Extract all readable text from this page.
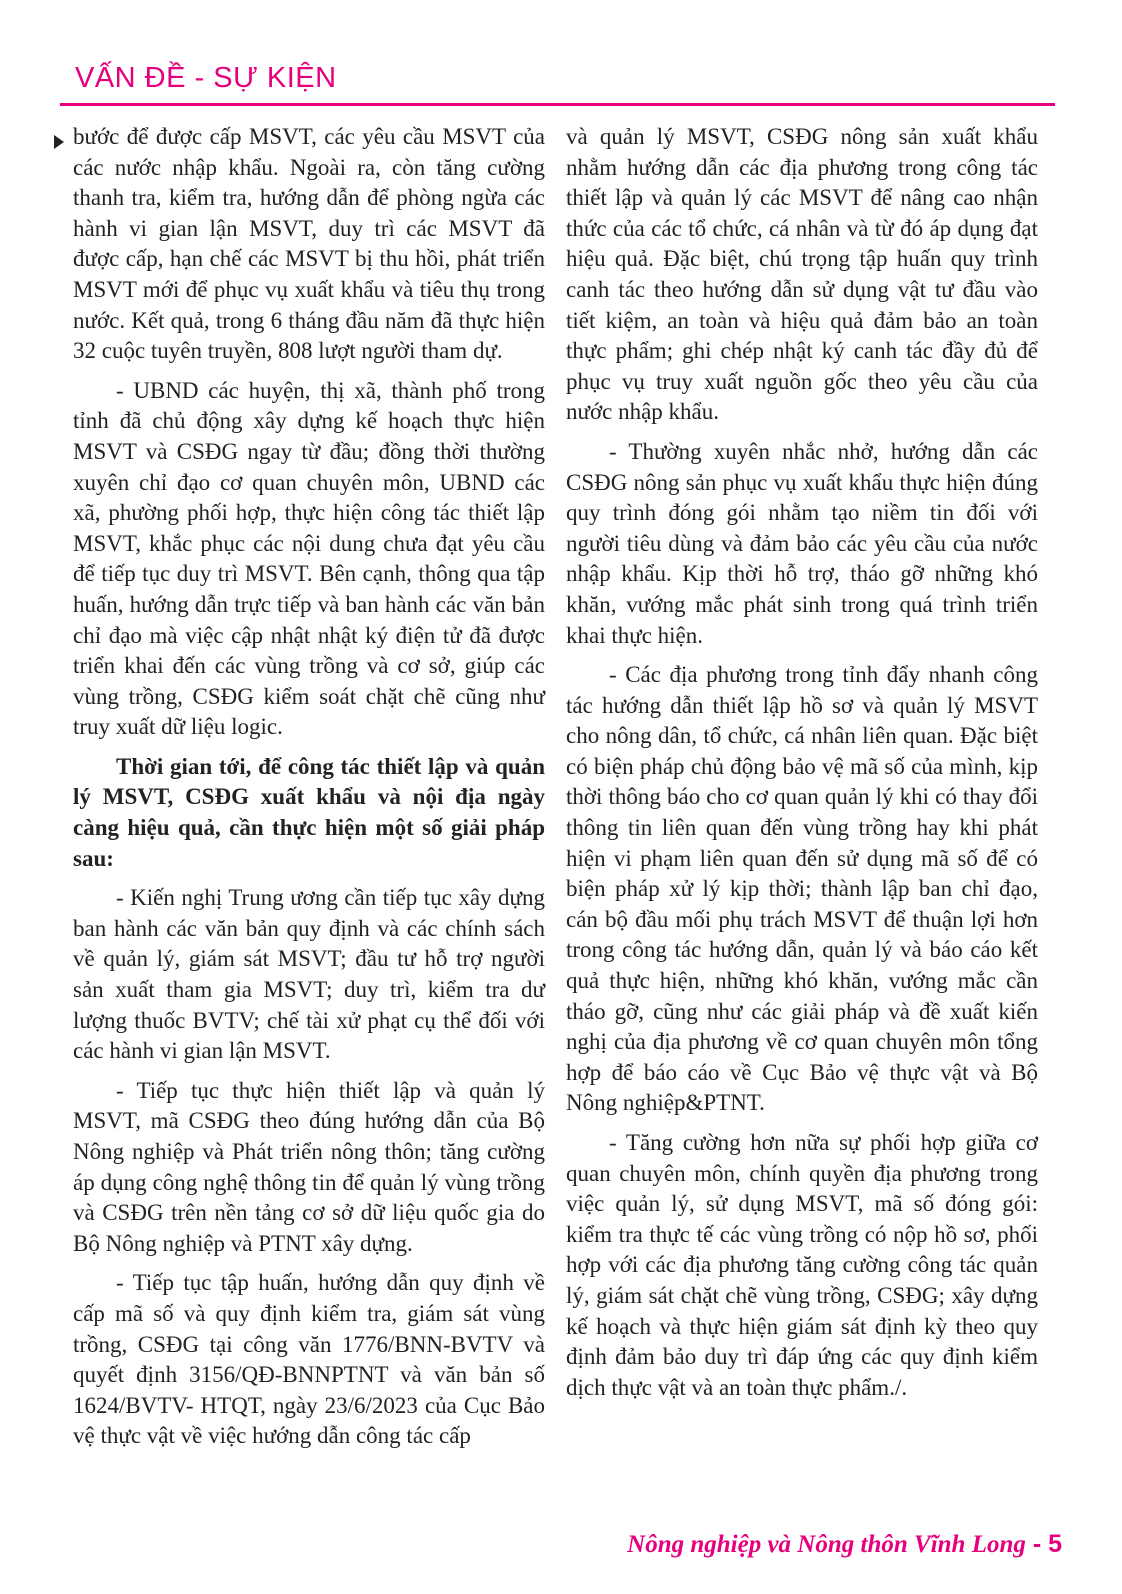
VẤN ĐỀ - SỰ KIỆN

bước để được cấp MSVT, các yêu cầu MSVT của các nước nhập khẩu. Ngoài ra, còn tăng cường thanh tra, kiểm tra, hướng dẫn để phòng ngừa các hành vi gian lận MSVT, duy trì các MSVT đã được cấp, hạn chế các MSVT bị thu hồi, phát triển MSVT mới để phục vụ xuất khẩu và tiêu thụ trong nước. Kết quả, trong 6 tháng đầu năm đã thực hiện 32 cuộc tuyên truyền, 808 lượt người tham dự.

- UBND các huyện, thị xã, thành phố trong tỉnh đã chủ động xây dựng kế hoạch thực hiện MSVT và CSĐG ngay từ đầu; đồng thời thường xuyên chỉ đạo cơ quan chuyên môn, UBND các xã, phường phối hợp, thực hiện công tác thiết lập MSVT, khắc phục các nội dung chưa đạt yêu cầu để tiếp tục duy trì MSVT. Bên cạnh, thông qua tập huấn, hướng dẫn trực tiếp và ban hành các văn bản chỉ đạo mà việc cập nhật nhật ký điện tử đã được triển khai đến các vùng trồng và cơ sở, giúp các vùng trồng, CSĐG kiểm soát chặt chẽ cũng như truy xuất dữ liệu logic.

Thời gian tới, để công tác thiết lập và quản lý MSVT, CSĐG xuất khẩu và nội địa ngày càng hiệu quả, cần thực hiện một số giải pháp sau:

- Kiến nghị Trung ương cần tiếp tục xây dựng ban hành các văn bản quy định và các chính sách về quản lý, giám sát MSVT; đầu tư hỗ trợ người sản xuất tham gia MSVT; duy trì, kiểm tra dư lượng thuốc BVTV; chế tài xử phạt cụ thể đối với các hành vi gian lận MSVT.

- Tiếp tục thực hiện thiết lập và quản lý MSVT, mã CSĐG theo đúng hướng dẫn của Bộ Nông nghiệp và Phát triển nông thôn; tăng cường áp dụng công nghệ thông tin để quản lý vùng trồng và CSĐG trên nền tảng cơ sở dữ liệu quốc gia do Bộ Nông nghiệp và PTNT xây dựng.

- Tiếp tục tập huấn, hướng dẫn quy định về cấp mã số và quy định kiểm tra, giám sát vùng trồng, CSĐG tại công văn 1776/BNN-BVTV và quyết định 3156/QĐ-BNNPTNT và văn bản số 1624/BVTV- HTQT, ngày 23/6/2023 của Cục Bảo vệ thực vật về việc hướng dẫn công tác cấp

và quản lý MSVT, CSĐG nông sản xuất khẩu nhằm hướng dẫn các địa phương trong công tác thiết lập và quản lý các MSVT để nâng cao nhận thức của các tổ chức, cá nhân và từ đó áp dụng đạt hiệu quả. Đặc biệt, chú trọng tập huấn quy trình canh tác theo hướng dẫn sử dụng vật tư đầu vào tiết kiệm, an toàn và hiệu quả đảm bảo an toàn thực phẩm; ghi chép nhật ký canh tác đầy đủ để phục vụ truy xuất nguồn gốc theo yêu cầu của nước nhập khẩu.

- Thường xuyên nhắc nhở, hướng dẫn các CSĐG nông sản phục vụ xuất khẩu thực hiện đúng quy trình đóng gói nhằm tạo niềm tin đối với người tiêu dùng và đảm bảo các yêu cầu của nước nhập khẩu. Kịp thời hỗ trợ, tháo gỡ những khó khăn, vướng mắc phát sinh trong quá trình triển khai thực hiện.

- Các địa phương trong tỉnh đẩy nhanh công tác hướng dẫn thiết lập hồ sơ và quản lý MSVT cho nông dân, tổ chức, cá nhân liên quan. Đặc biệt có biện pháp chủ động bảo vệ mã số của mình, kịp thời thông báo cho cơ quan quản lý khi có thay đổi thông tin liên quan đến vùng trồng hay khi phát hiện vi phạm liên quan đến sử dụng mã số để có biện pháp xử lý kịp thời; thành lập ban chỉ đạo, cán bộ đầu mối phụ trách MSVT để thuận lợi hơn trong công tác hướng dẫn, quản lý và báo cáo kết quả thực hiện, những khó khăn, vướng mắc cần tháo gỡ, cũng như các giải pháp và đề xuất kiến nghị của địa phương về cơ quan chuyên môn tổng hợp để báo cáo về Cục Bảo vệ thực vật và Bộ Nông nghiệp&PTNT.

- Tăng cường hơn nữa sự phối hợp giữa cơ quan chuyên môn, chính quyền địa phương trong việc quản lý, sử dụng MSVT, mã số đóng gói: kiểm tra thực tế các vùng trồng có nộp hồ sơ, phối hợp với các địa phương tăng cường công tác quản lý, giám sát chặt chẽ vùng trồng, CSĐG; xây dựng kế hoạch và thực hiện giám sát định kỳ theo quy định đảm bảo duy trì đáp ứng các quy định kiểm dịch thực vật và an toàn thực phẩm./.

Nông nghiệp và Nông thôn Vĩnh Long - 5
